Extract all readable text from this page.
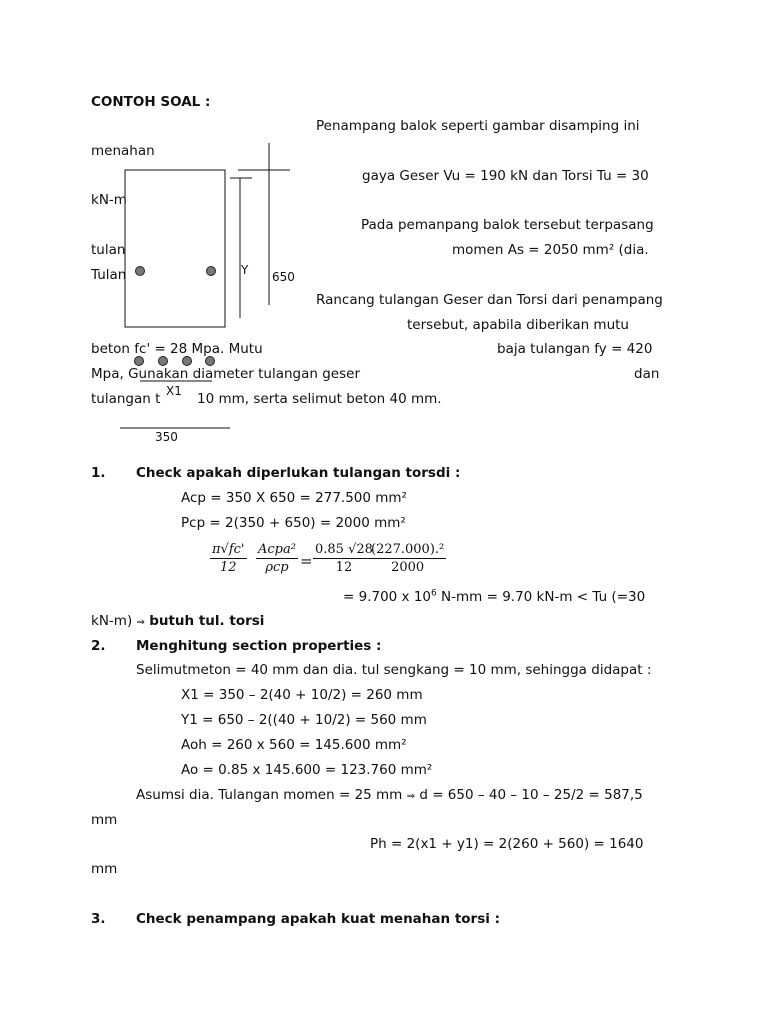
CONTOH SOAL :
Y 650
X1
350
Penampang balok seperti gambar disamping ini
menahan
gaya Geser Vu = 190 kN dan Torsi Tu = 30
kN-m
Pada pemanpang balok tersebut terpasang
tulan	momen As = 2050 mm² (dia.
Tulan
Rancang tulangan Geser dan Torsi dari penampang
tersebut, apabila diberikan mutu
beton fc' = 28 Mpa. Mutu	baja tulangan fy = 420
Mpa, Gunakan diameter tulangan geser	dan
tulangan t	10 mm, serta selimut beton 40 mm.
1. Check apakah diperlukan tulangan torsdi :
Acp = 350 X 650 = 277.500 mm²
Pcp = 2(350 + 650) = 2000 mm²
$\frac{\pi√fc'}{12}$ Acpa²
$\rho cp = \frac{0.85 √28}{12}$
$\frac{\text{(227.000).²}}{2000}$
= 9.700 x $10^6$ N-mm = 9.70 kN-m < Tu (=30
kN-m) ⇒ butuh tul. torsi
2. Menghitung section properties :
Selimutmeton = 40 mm dan dia. tul sengkang = 10 mm, sehingga didapat :
X1 = 350 – 2(40 + 10/2) = 260 mm
Y1 = 650 – 2((40 + 10/2) = 560 mm
Aoh = 260 x 560 = 145.600 mm²
Ao = 0.85 x 145.600 = 123.760 mm²
Asumsi dia. Tulangan momen = 25 mm ⇒ d = 650 – 40 – 10 – 25/2 = 587,5
mm
Ph = 2(x1 + y1) = 2(260 + 560) = 1640
mm
3. Check penampang apakah kuat menahan torsi :
